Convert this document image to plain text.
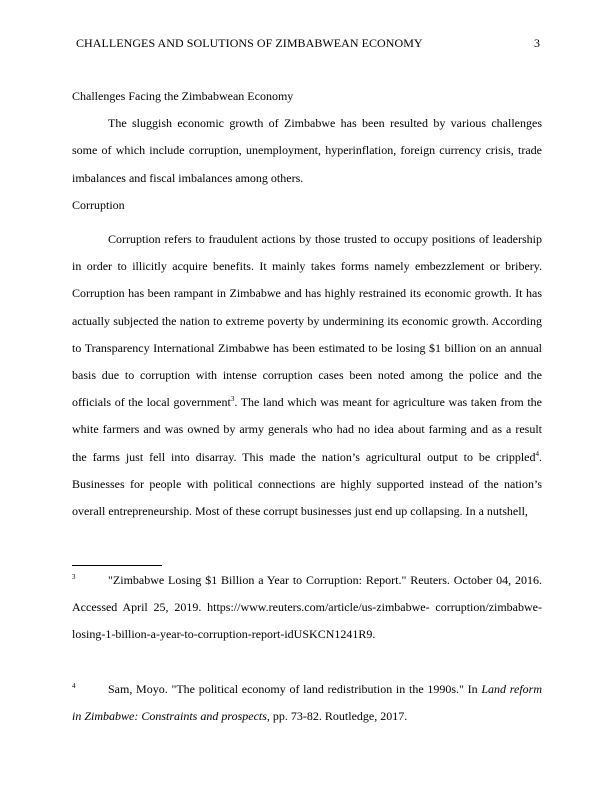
CHALLENGES AND SOLUTIONS OF ZIMBABWEAN ECONOMY	3

Challenges Facing the Zimbabwean Economy

The sluggish economic growth of Zimbabwe has been resulted by various challenges some of which include corruption, unemployment, hyperinflation, foreign currency crisis, trade imbalances and fiscal imbalances among others.

Corruption

Corruption refers to fraudulent actions by those trusted to occupy positions of leadership in order to illicitly acquire benefits. It mainly takes forms namely embezzlement or bribery. Corruption has been rampant in Zimbabwe and has highly restrained its economic growth. It has actually subjected the nation to extreme poverty by undermining its economic growth. According to Transparency International Zimbabwe has been estimated to be losing $1 billion on an annual basis due to corruption with intense corruption cases been noted among the police and the officials of the local government$^3$. The land which was meant for agriculture was taken from the white farmers and was owned by army generals who had no idea about farming and as a result the farms just fell into disarray. This made the nation’s agricultural output to be crippled$^4$. Businesses for people with political connections are highly supported instead of the nation’s overall entrepreneurship. Most of these corrupt businesses just end up collapsing. In a nutshell,

3	"Zimbabwe Losing $1 Billion a Year to Corruption: Report." Reuters. October 04, 2016. Accessed April 25, 2019. https://www.reuters.com/article/us-zimbabwe- corruption/zimbabwe-losing-1-billion-a-year-to-corruption-report-idUSKCN1241R9.

4	Sam, Moyo. "The political economy of land redistribution in the 1990s." In Land reform in Zimbabwe: Constraints and prospects, pp. 73-82. Routledge, 2017.
